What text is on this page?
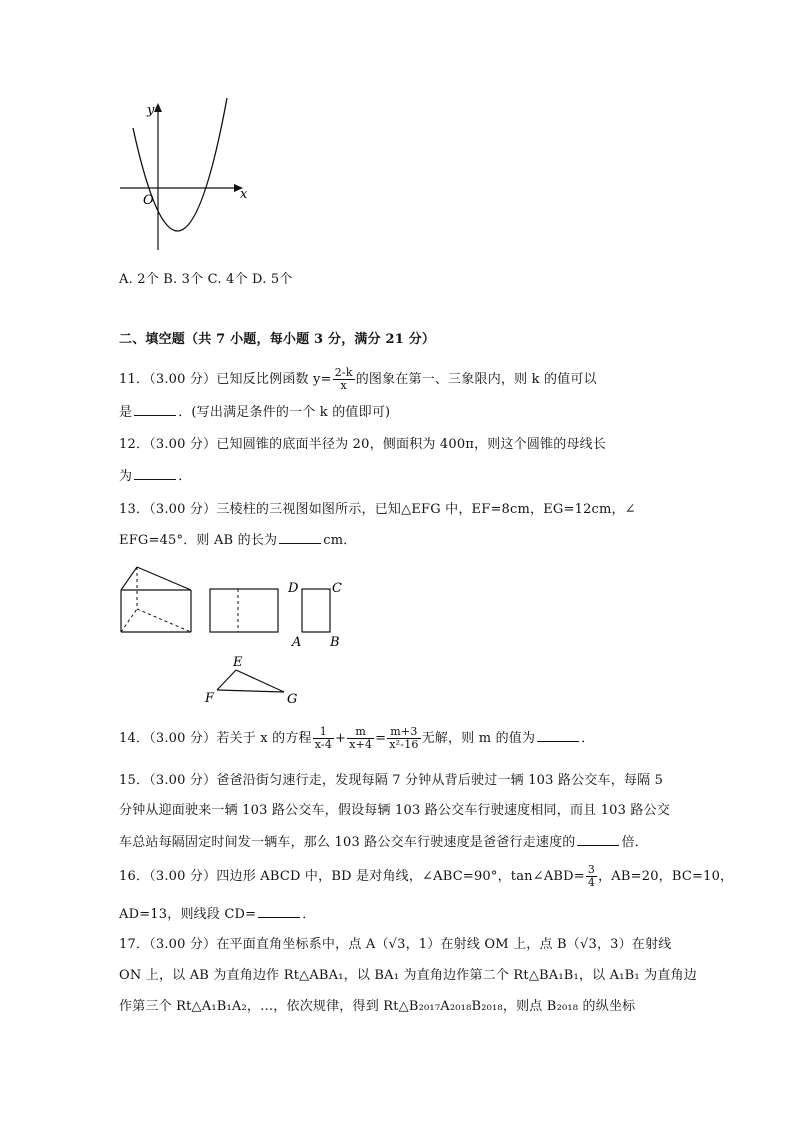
y
x
O
A. 2个 B. 3个 C. 4个 D. 5个
二、填空题（共 7 小题，每小题 3 分，满分 21 分）
11．（3.00 分）已知反比例函数 $y= \frac{2-k}{x}$ 的图象在第一、三象限内，则 k 的值可以
是	．(写出满足条件的一个 k 的值即可)
12．（3.00 分）已知圆锥的底面半径为 20，侧面积为 400π，则这个圆锥的母线长
为	．
13．（3.00 分）三棱柱的三视图如图所示，已知△EFG 中，EF=8cm，EG=12cm，∠
EFG=45°．则 AB 的长为	cm．
D	C
A B
E
F	G
14．（3.00 分）若关于 x 的方程 $\frac{1}{x-4} + \frac{m}{x+4} = \frac{m+3}{\text{x²-16}}$ 无解，则 m 的值为	．
15．（3.00 分）爸爸沿街匀速行走，发现每隔 7 分钟从背后驶过一辆 103 路公交车，每隔 5
分钟从迎面驶来一辆 103 路公交车，假设每辆 103 路公交车行驶速度相同，而且 103 路公交
车总站每隔固定时间发一辆车，那么 103 路公交车行驶速度是爸爸行走速度的	倍．
16．（3.00 分）四边形 ABCD 中，BD 是对角线，∠ABC=90°，tan∠ABD= $\frac{3}{4}$ ，AB=20，BC=10，
AD=13，则线段 CD=	．
17．（3.00 分）在平面直角坐标系中，点 A（√3，1）在射线 OM 上，点 B（√3，3）在射线
ON 上，以 AB 为直角边作 Rt△ABA₁，以 BA₁ 为直角边作第二个 Rt△BA₁B₁，以 A₁B₁ 为直角边
作第三个 Rt△A₁B₁A₂，…，依次规律，得到 Rt△B₂₀₁₇A₂₀₁₈B₂₀₁₈，则点 B₂₀₁₈ 的纵坐标
